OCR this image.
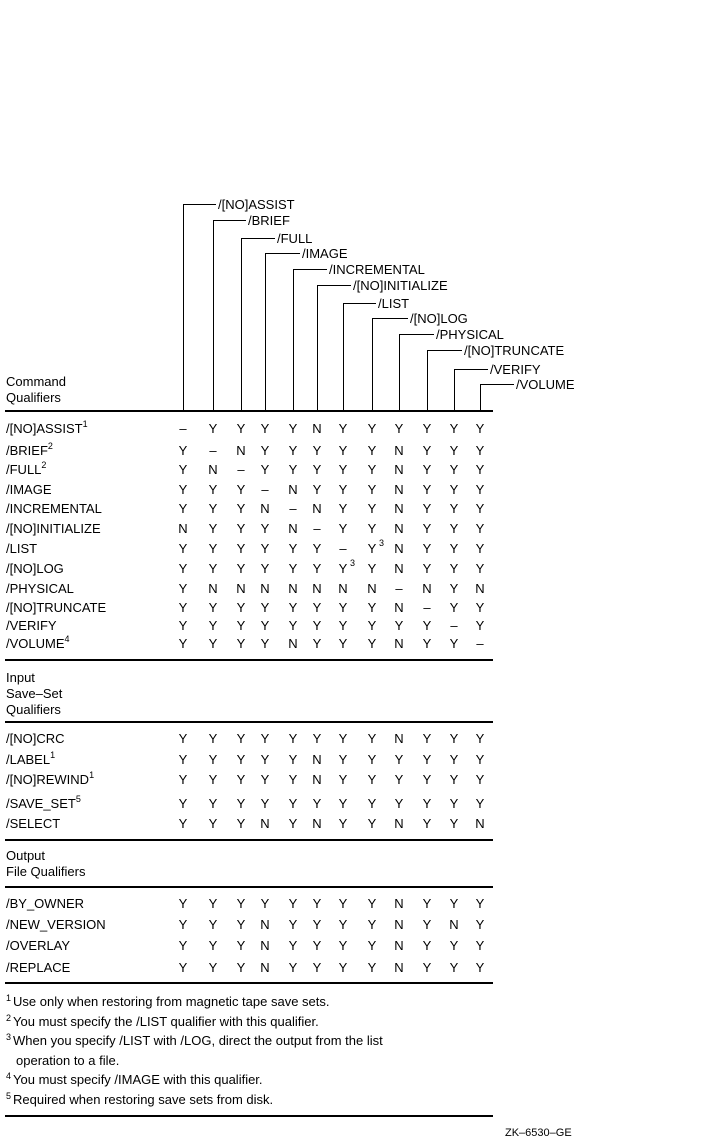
/[NO]ASSIST
/BRIEF
/FULL
/IMAGE
/INCREMENTAL
/[NO]INITIALIZE
/LIST
/[NO]LOG
/PHYSICAL
/[NO]TRUNCATE
/VERIFY
/VOLUME
Command
Qualifiers
/[NO]ASSIST$^1$	– Y Y Y Y N Y Y Y Y Y Y
/BRIEF$^2$	Y – N Y Y Y Y Y N Y Y Y
/FULL$^2$	Y N – Y Y Y Y Y N Y Y Y
/IMAGE	Y Y Y – N Y Y Y N Y Y Y
/INCREMENTAL	Y Y Y N – N Y Y N Y Y Y
/[NO]INITIALIZE	N Y Y Y N – Y Y N Y Y Y
/LIST	Y Y Y Y Y Y – Y N Y Y Y
/[NO]LOG	Y Y Y Y Y Y Y Y N Y Y Y
/PHYSICAL	Y N N N N N N N – N Y N
/[NO]TRUNCATE	Y Y Y Y Y Y Y Y N – Y Y
/VERIFY	Y Y Y Y Y Y Y Y Y Y – Y
/VOLUME$^4$	Y Y Y Y N Y Y Y N Y Y –
3
3
Input
Save–Set
Qualifiers
/[NO]CRC	Y Y Y Y Y Y Y Y N Y Y Y
/LABEL$^1$	Y Y Y Y Y N Y Y Y Y Y Y
/[NO]REWIND$^1$	Y Y Y Y Y N Y Y Y Y Y Y
/SAVE_SET$^5$	Y Y Y Y Y Y Y Y Y Y Y Y
/SELECT	Y Y Y N Y N Y Y N Y Y N
Output
File Qualifiers
/BY_OWNER	Y Y Y Y Y Y Y Y N Y Y Y
/NEW_VERSION	Y Y Y N Y Y Y Y N Y N Y
/OVERLAY	Y Y Y N Y Y Y Y N Y Y Y
/REPLACE	Y Y Y N Y Y Y Y N Y Y Y
$^1$ Use only when restoring from magnetic tape save sets.
$^2$ You must specify the /LIST qualifier with this qualifier.
$^3$ When you specify /LIST with /LOG, direct the output from the list
operation to a file.
$^4$ You must specify /IMAGE with this qualifier.
$^5$ Required when restoring save sets from disk.
ZK–6530–GE
